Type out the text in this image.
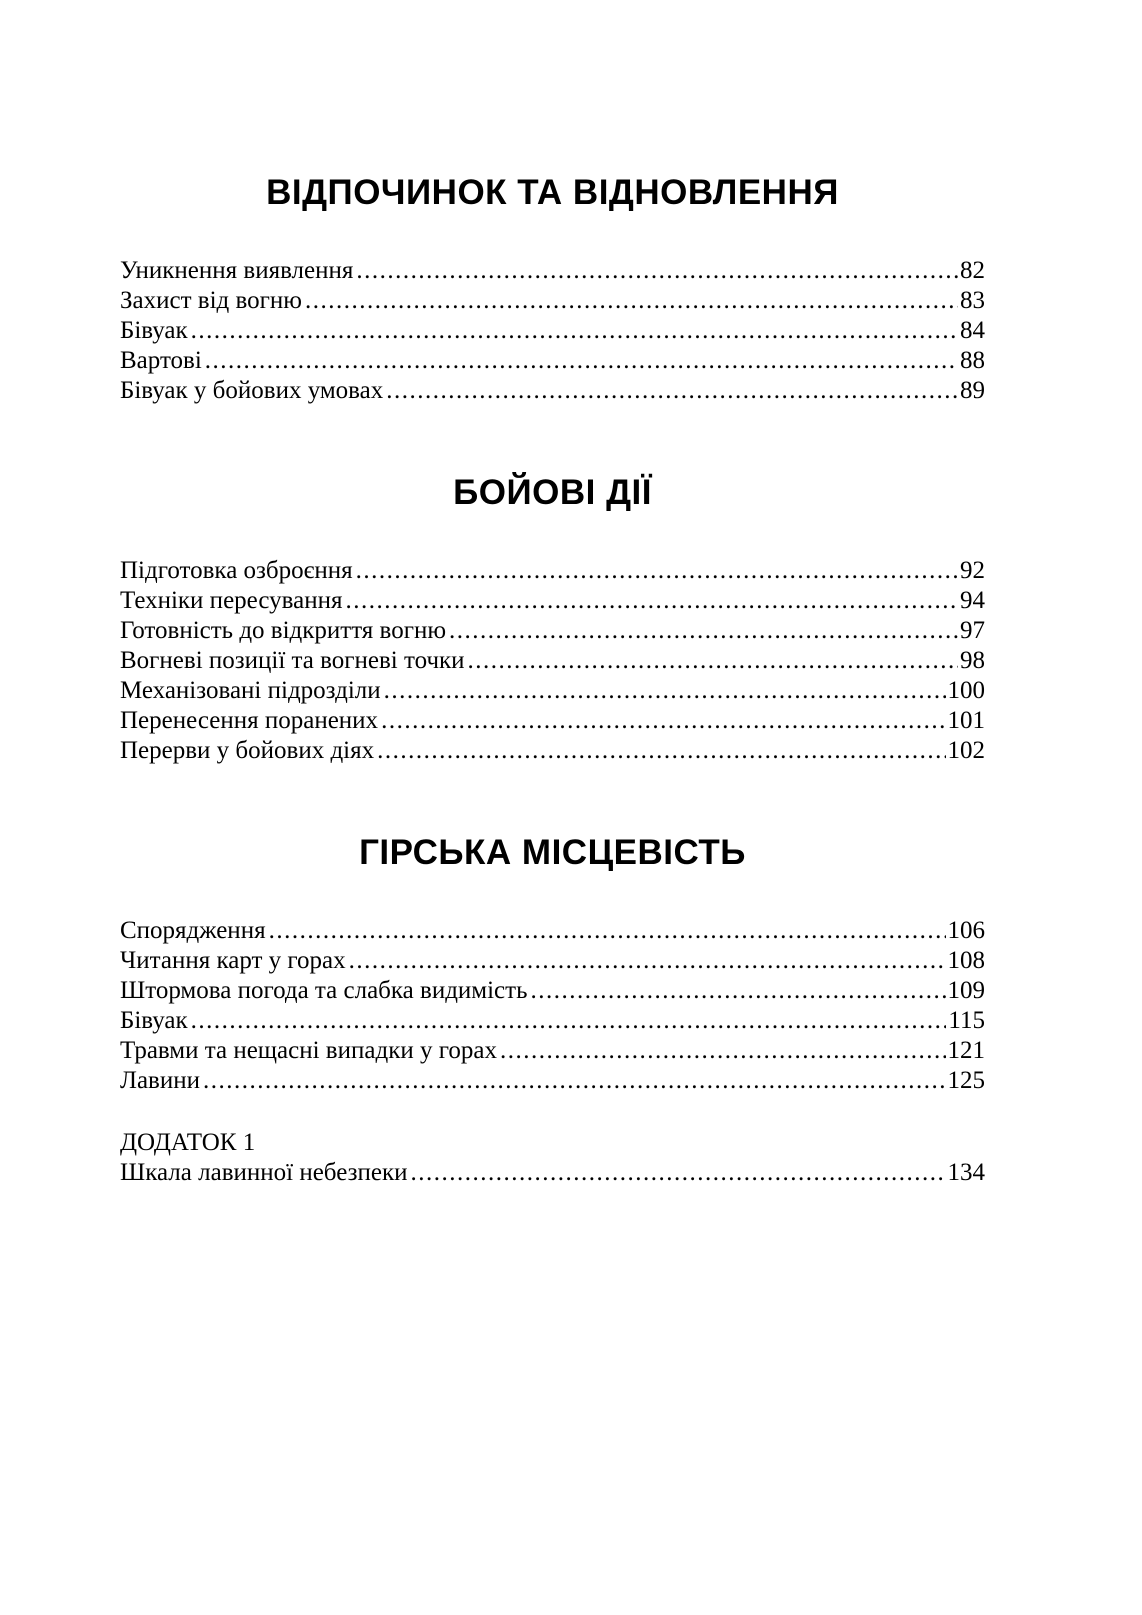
ВІДПОЧИНОК ТА ВІДНОВЛЕННЯ
Уникнення виявлення .....	82
Захист від вогню .....	83
Бівуак .....	84
Вартові .....	88
Бівуак у бойових умовах .....	89
БОЙОВІ ДІЇ
Підготовка озброєння .....	92
Техніки пересування .....	94
Готовність до відкриття вогню .....	97
Вогневі позиції та вогневі точки .....	98
Механізовані підрозділи .....	100
Перенесення поранених .....	101
Перерви у бойових діях .....	102
ГІРСЬКА МІСЦЕВІСТЬ
Спорядження .....	106
Читання карт у горах .....	108
Штормова погода та слабка видимість .....	109
Бівуак .....	115
Травми та нещасні випадки у горах .....	121
Лавини .....	125
ДОДАТОК 1
Шкала лавинної небезпеки .....	134
